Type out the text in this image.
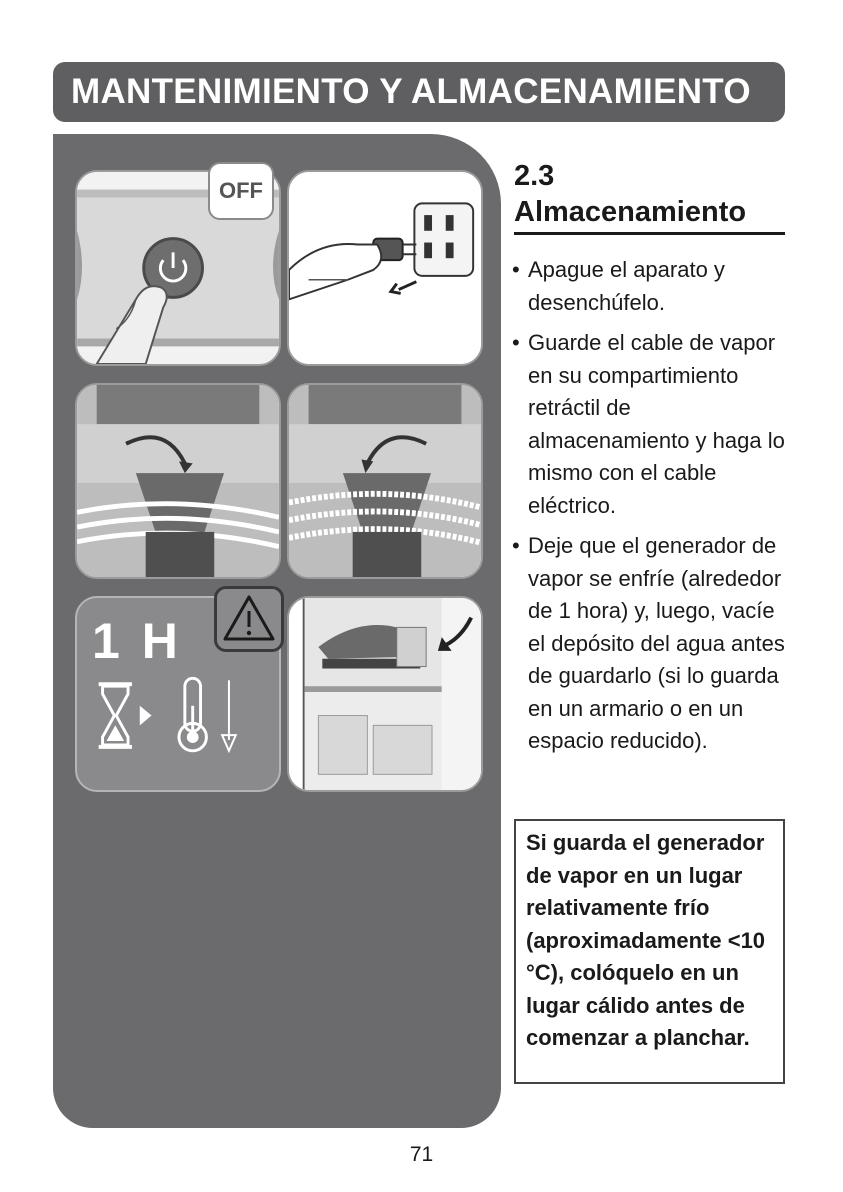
MANTENIMIENTO Y ALMACENAMIENTO
OFF
1 H
2.3
Almacenamiento
• Apague el aparato y desenchúfelo.
• Guarde el cable de vapor en su compartimiento retráctil de almacenamiento y haga lo mismo con el cable eléctrico.
• Deje que el generador de vapor se enfríe (alrededor de 1 hora) y, luego, vacíe el depósito del agua antes de guardarlo (si lo guarda en un armario o en un espacio reducido).
Si guarda el generador de vapor en un lugar relativamente frío (aproximadamente <10 °C), colóquelo en un lugar cálido antes de comenzar a planchar.
71
